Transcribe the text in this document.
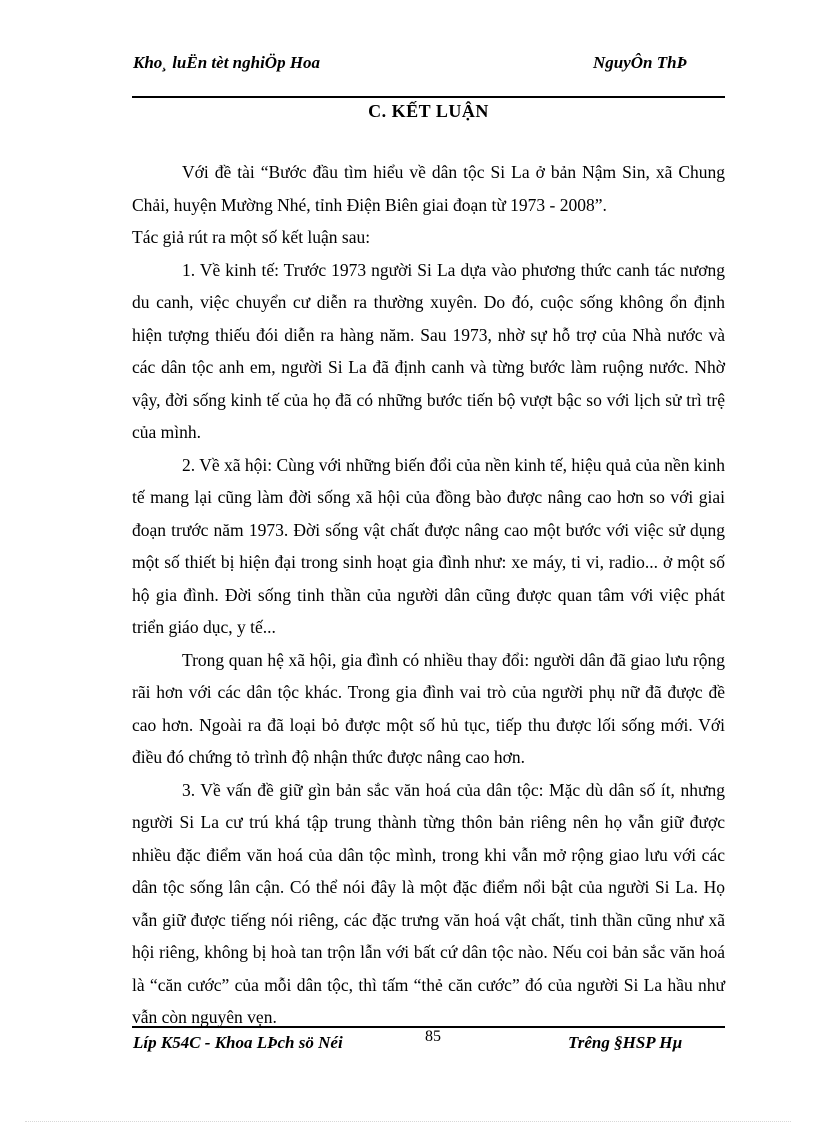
Kho¸ luËn tèt nghiÖp Hoa	NguyÔn ThÞ
C. KẾT LUẬN

Với đề tài “Bước đầu tìm hiểu về dân tộc Si La ở bản Nậm Sin, xã Chung Chải, huyện Mường Nhé, tỉnh Điện Biên giai đoạn từ 1973 - 2008”.

Tác giả rút ra một số kết luận sau:

1. Về kinh tế: Trước 1973 người Si La dựa vào phương thức canh tác nương du canh, việc chuyển cư diễn ra thường xuyên. Do đó, cuộc sống không ổn định hiện tượng thiếu đói diễn ra hàng năm. Sau 1973, nhờ sự hỗ trợ của Nhà nước và các dân tộc anh em, người Si La đã định canh và từng bước làm ruộng nước. Nhờ vậy, đời sống kinh tế của họ đã có những bước tiến bộ vượt bậc so với lịch sử trì trệ của mình.

2. Về xã hội: Cùng với những biến đổi của nền kinh tế, hiệu quả của nền kinh tế mang lại cũng làm đời sống xã hội của đồng bào được nâng cao hơn so với giai đoạn trước năm 1973. Đời sống vật chất được nâng cao một bước với việc sử dụng một số thiết bị hiện đại trong sinh hoạt gia đình như: xe máy, ti vi, radio... ở một số hộ gia đình. Đời sống tinh thần của người dân cũng được quan tâm với việc phát triển giáo dục, y tế...

Trong quan hệ xã hội, gia đình có nhiều thay đổi: người dân đã giao lưu rộng rãi hơn với các dân tộc khác. Trong gia đình vai trò của người phụ nữ đã được đề cao hơn. Ngoài ra đã loại bỏ được một số hủ tục, tiếp thu được lối sống mới. Với điều đó chứng tỏ trình độ nhận thức được nâng cao hơn.

3. Về vấn đề giữ gìn bản sắc văn hoá của dân tộc: Mặc dù dân số ít, nhưng người Si La cư trú khá tập trung thành từng thôn bản riêng nên họ vẫn giữ được nhiều đặc điểm văn hoá của dân tộc mình, trong khi vẫn mở rộng giao lưu với các dân tộc sống lân cận. Có thể nói đây là một đặc điểm nổi bật của người Si La. Họ vẫn giữ được tiếng nói riêng, các đặc trưng văn hoá vật chất, tinh thần cũng như xã hội riêng, không bị hoà tan trộn lẫn với bất cứ dân tộc nào. Nếu coi bản sắc văn hoá là “căn cước” của mỗi dân tộc, thì tấm “thẻ căn cước” đó của người Si La hầu như vẫn còn nguyên vẹn.

Líp K54C - Khoa LÞch sö Néi	85	Trêng §HSP Hµ
